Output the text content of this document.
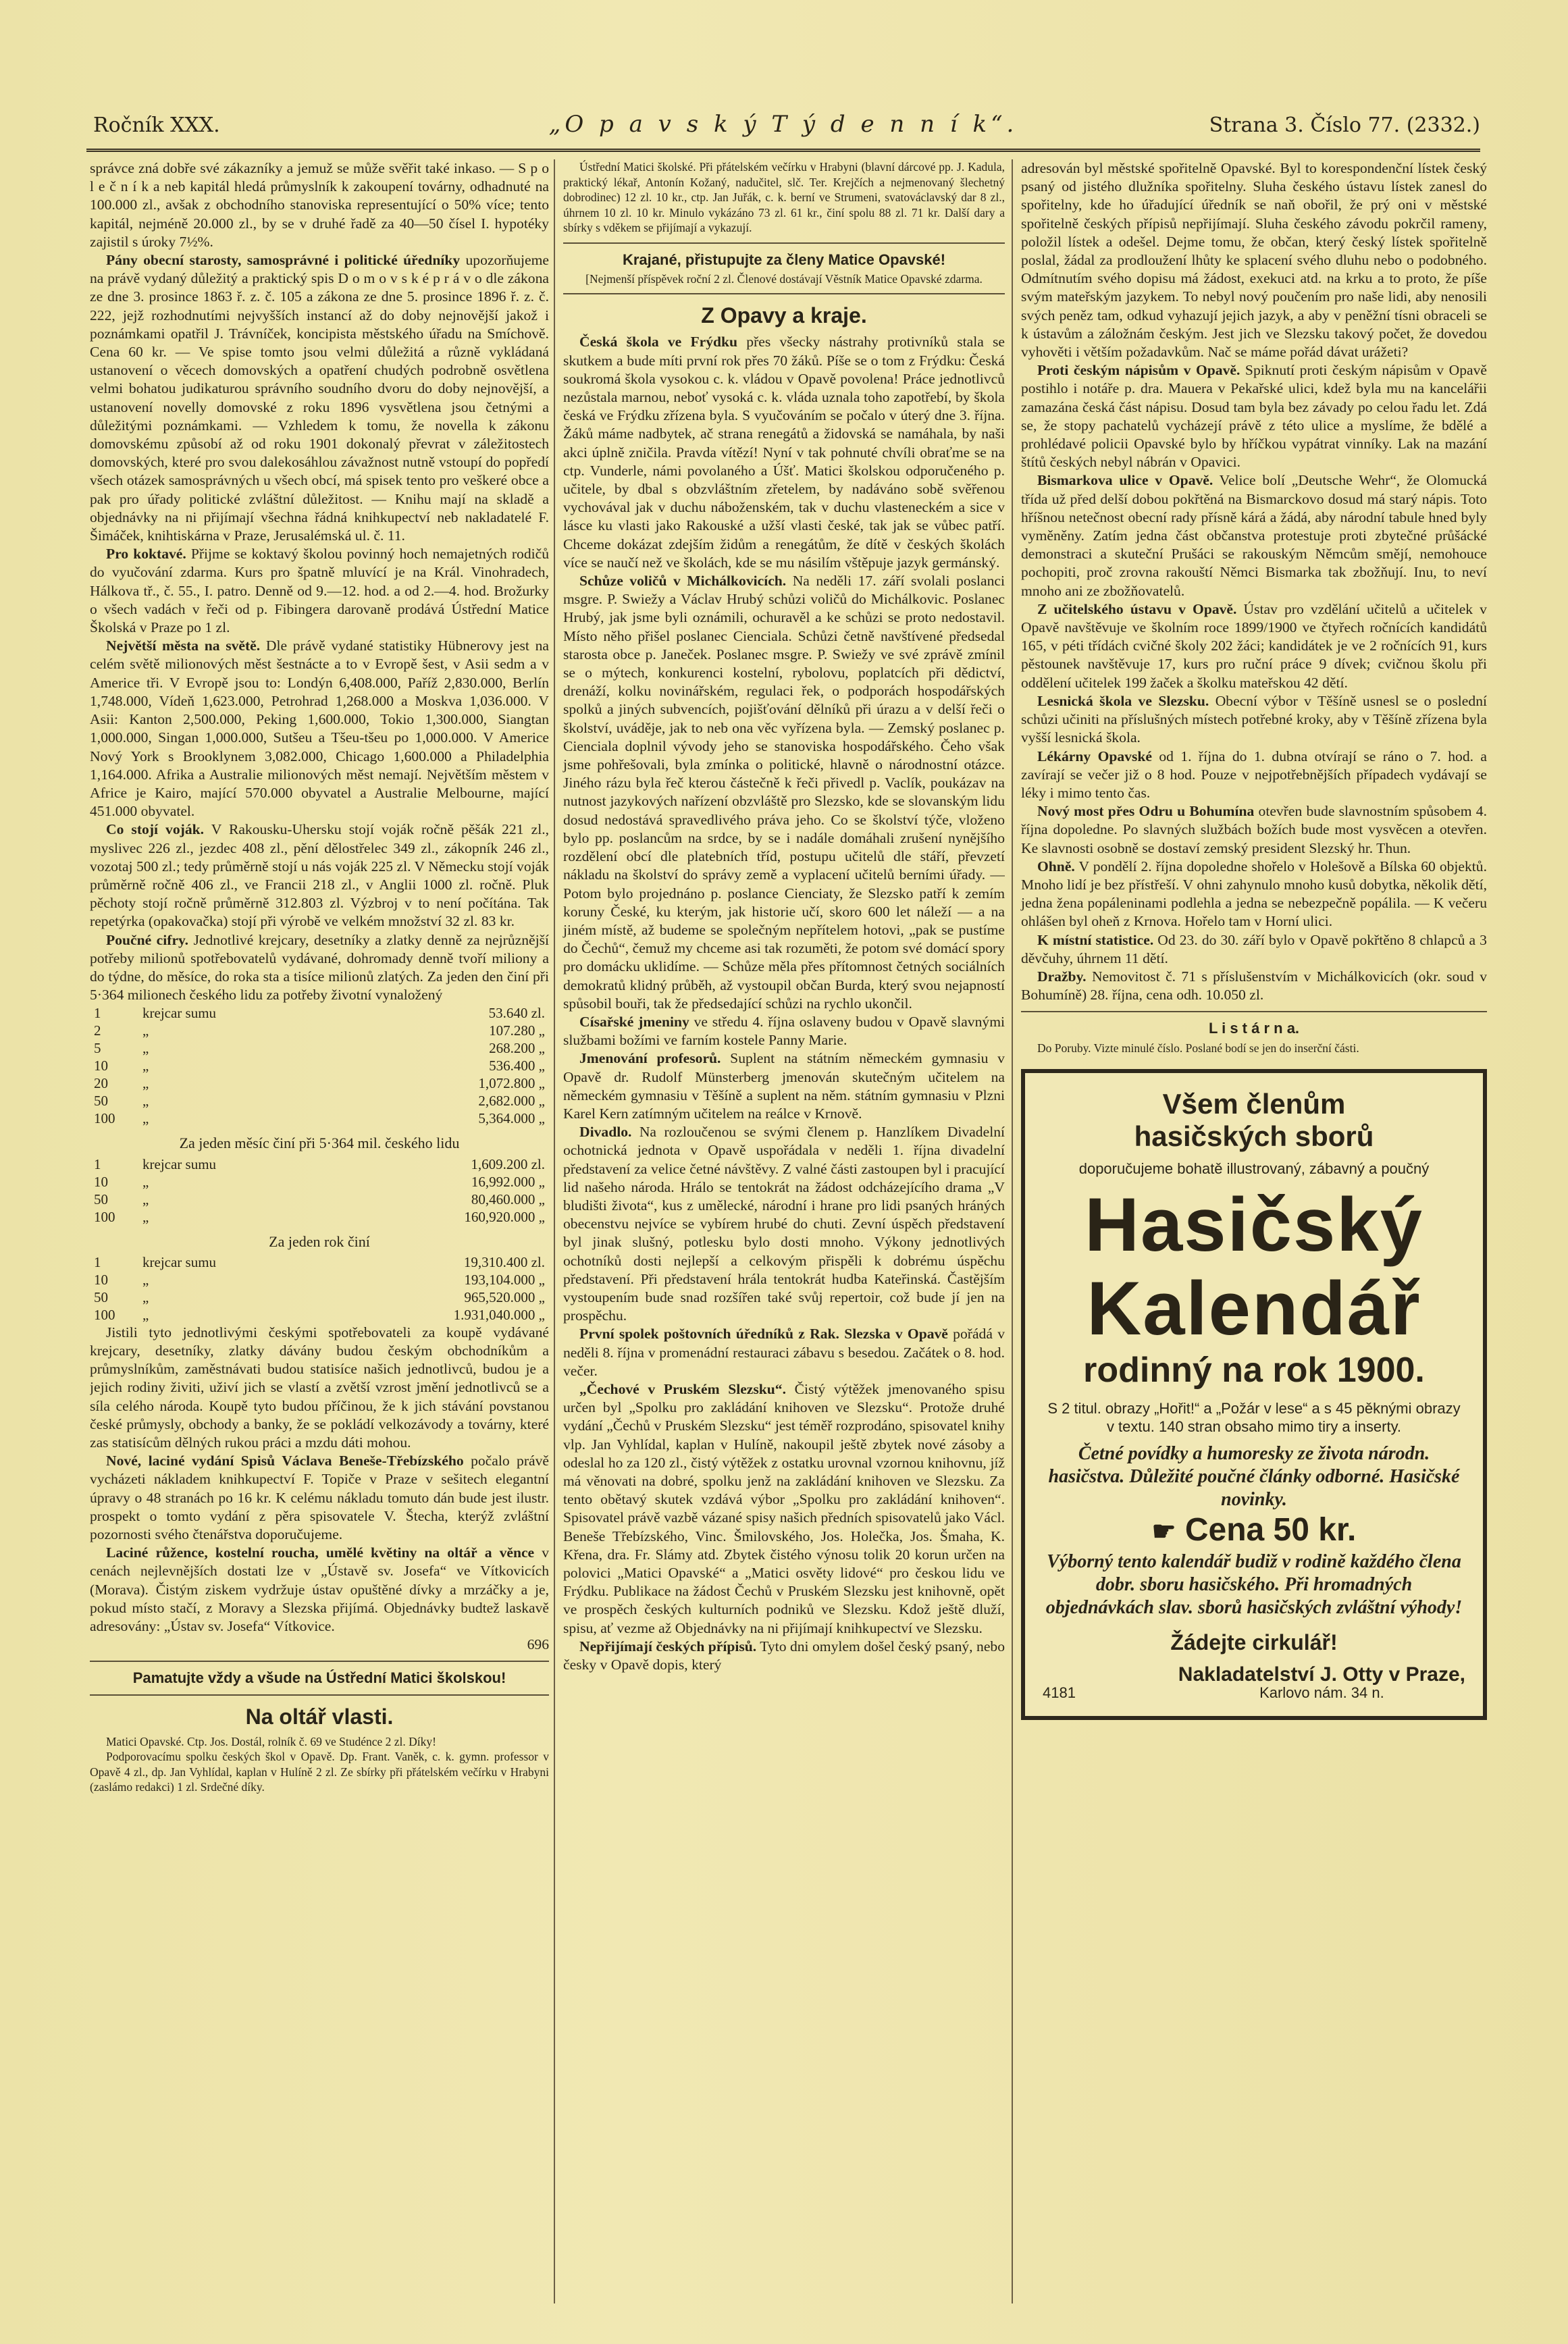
Ročník XXX.	„O p a v s k ý T ý d e n n í k“.	Strana 3. Číslo 77. (2332.)

správce zná dobře své zákazníky a jemuž se může svěřit také inkaso. — S p o l e č n í k a neb kapitál hledá průmyslník k zakoupení továrny, odhadnuté na 100.000 zl., avšak z obchodního stanoviska representující o 50% více; tento kapitál, nejméně 20.000 zl., by se v druhé řadě za 40—50 čísel I. hypotéky zajistil s úroky 7½%.

Pány obecní starosty, samosprávné i politické úředníky upozorňujeme na právě vydaný důležitý a praktický spis D o m o v s k é p r á v o dle zákona ze dne 3. prosince 1863 ř. z. č. 105 a zákona ze dne 5. prosince 1896 ř. z. č. 222, jejž rozhodnutími nejvyšších instancí až do doby nejnovější jakož i poznámkami opatřil J. Trávníček, koncipista městského úřadu na Smíchově. Cena 60 kr. — Ve spise tomto jsou velmi důležitá a různě vykládaná ustanovení o věcech domovských a opatření chudých podrobně osvětlena velmi bohatou judikaturou správního soudního dvoru do doby nejnovější, a ustanovení novelly domovské z roku 1896 vysvětlena jsou četnými a důležitými poznámkami. — Vzhledem k tomu, že novella k zákonu domovskému způsobí až od roku 1901 dokonalý převrat v záležitostech domovských, které pro svou dalekosáhlou závažnost nutně vstoupí do popředí všech otázek samosprávných u všech obcí, má spisek tento pro veškeré obce a pak pro úřady politické zvláštní důležitost. — Knihu mají na skladě a objednávky na ni přijímají všechna řádná knihkupectví neb nakladatelé F. Šimáček, knihtiskárna v Praze, Jerusalémská ul. č. 11.

Pro koktavé. Přijme se koktavý školou povinný hoch nemajetných rodičů do vyučování zdarma. Kurs pro špatně mluvící je na Král. Vinohradech, Hálkova tř., č. 55., I. patro. Denně od 9.—12. hod. a od 2.—4. hod. Brožurky o všech vadách v řeči od p. Fibingera darovaně prodává Ústřední Matice Školská v Praze po 1 zl.

Největší města na světě. Dle právě vydané statistiky Hübnerovy jest na celém světě milionových měst šestnácte a to v Evropě šest, v Asii sedm a v Americe tři. V Evropě jsou to: Londýn 6,408.000, Paříž 2,830.000, Berlín 1,748.000, Vídeň 1,623.000, Petrohrad 1,268.000 a Moskva 1,036.000. V Asii: Kanton 2,500.000, Peking 1,600.000, Tokio 1,300.000, Siangtan 1,000.000, Singan 1,000.000, Sutšeu a Tšeu-tšeu po 1,000.000. V Americe Nový York s Brooklynem 3,082.000, Chicago 1,600.000 a Philadelphia 1,164.000. Afrika a Australie milionových měst nemají. Největším městem v Africe je Kairo, mající 570.000 obyvatel a Australie Melbourne, mající 451.000 obyvatel.

Co stojí voják. V Rakousku-Uhersku stojí voják ročně pěšák 221 zl., myslivec 226 zl., jezdec 408 zl., pění dělostřelec 349 zl., zákopník 246 zl., vozotaj 500 zl.; tedy průměrně stojí u nás voják 225 zl. V Německu stojí voják průměrně ročně 406 zl., ve Francii 218 zl., v Anglii 1000 zl. ročně. Pluk pěchoty stojí ročně průměrně 312.803 zl. Výzbroj v to není počítána. Tak repetýrka (opakovačka) stojí při výrobě ve velkém množství 32 zl. 83 kr.

Poučné cifry. Jednotlivé krejcary, desetníky a zlatky denně za nejrůznější potřeby milionů spotřebovatelů vydávané, dohromady denně tvoří miliony a do týdne, do měsíce, do roka sta a tisíce milionů zlatých. Za jeden den činí při 5·364 milionech českého lidu za potřeby životní vynaložený

1	krejcar sumu	53.640 zl.
2	„	107.280 „
5	„	268.200 „
10	„	536.400 „
20	„	1,072.800 „
50	„	2,682.000 „
100	„	5,364.000 „
Za jeden měsíc činí při 5·364 mil. českého lidu
1	krejcar sumu	1,609.200 zl.
10	„	16,992.000 „
50	„	80,460.000 „
100	„	160,920.000 „
Za jeden rok činí
1	krejcar sumu	19,310.400 zl.
10	„	193,104.000 „
50	„	965,520.000 „
100	„	1.931,040.000 „

Jistili tyto jednotlivými českými spotřebovateli za koupě vydávané krejcary, desetníky, zlatky dávány budou českým obchodníkům a průmyslníkům, zaměstnávati budou statisíce našich jednotlivců, budou je a jejich rodiny živiti, uživí jich se vlastí a zvětší vzrost jmění jednotlivců se a síla celého národa. Koupě tyto budou příčinou, že k jich stávání povstanou české průmysly, obchody a banky, že se pokládí velkozávody a továrny, které zas statisícům dělných rukou práci a mzdu dáti mohou.

Nové, laciné vydání Spisů Václava Beneše-Třebízského počalo právě vycházeti nákladem knihkupectví F. Topiče v Praze v sešitech elegantní úpravy o 48 stranách po 16 kr. K celému nákladu tomuto dán bude jest ilustr. prospekt o tomto vydání z pěra spisovatele V. Štecha, kterýž zvláštní pozornosti svého čtenářstva doporučujeme.

Laciné růžence, kostelní roucha, umělé květiny na oltář a věnce v cenách nejlevnějších dostati lze v „Ústavě sv. Josefa“ ve Vítkovicích (Morava). Čistým ziskem vydržuje ústav opuštěné dívky a mrzáčky a je, pokud místo stačí, z Moravy a Slezska přijímá. Objednávky budtež laskavě adresovány: „Ústav sv. Josefa“ Vítkovice.

696
Pamatujte vždy a všude na Ústřední Matici školskou!
Na oltář vlasti.

Matici Opavské. Ctp. Jos. Dostál, rolník č. 69 ve Studénce 2 zl. Díky!

Podporovacímu spolku českých škol v Opavě. Dp. Frant. Vaněk, c. k. gymn. professor v Opavě 4 zl., dp. Jan Vyhlídal, kaplan v Hulíně 2 zl. Ze sbírky při přátelském večírku v Hrabyni (zaslámo redakci) 1 zl. Srdečné díky.

Ústřední Matici školské. Při přátelském večírku v Hrabyni (blavní dárcové pp. J. Kadula, praktický lékař, Antonín Kožaný, nadučitel, slč. Ter. Krejčích a nejmenovaný šlechetný dobrodinec) 12 zl. 10 kr., ctp. Jan Juřák, c. k. berní ve Strumeni, svatováclavský dar 8 zl., úhrnem 10 zl. 10 kr. Minulo vykázáno 73 zl. 61 kr., činí spolu 88 zl. 71 kr. Další dary a sbírky s vděkem se přijímají a vykazují.

Krajané, přistupujte za členy Matice Opavské!

[Nejmenší příspěvek roční 2 zl. Členové dostávají Věstník Matice Opavské zdarma.

Z Opavy a kraje.

Česká škola ve Frýdku přes všecky nástrahy protivníků stala se skutkem a bude míti první rok přes 70 žáků. Píše se o tom z Frýdku: Česká soukromá škola vysokou c. k. vládou v Opavě povolena! Práce jednotlivců nezůstala marnou, neboť vysoká c. k. vláda uznala toho zapotřebí, by škola česká ve Frýdku zřízena byla. S vyučováním se počalo v úterý dne 3. října. Žáků máme nadbytek, ač strana renegátů a židovská se namáhala, by naši akci úplně zničila. Pravda vítězí! Nyní v tak pohnuté chvíli obraťme se na ctp. Vunderle, námi povolaného a Úšť. Matici školskou odporučeného p. učitele, by dbal s obzvláštním zřetelem, by nadáváno sobě svěřenou vychovával jak v duchu náboženském, tak v duchu vlasteneckém a sice v lásce ku vlasti jako Rakouské a užší vlasti české, tak jak se vůbec patří. Chceme dokázat zdejším židům a renegátům, že dítě v českých školách více se naučí než ve školách, kde se mu násilím vštěpuje jazyk germánský.

Schůze voličů v Michálkovicích. Na neděli 17. září svolali poslanci msgre. P. Swiežy a Václav Hrubý schůzi voličů do Michálkovic. Poslanec Hrubý, jak jsme byli oznámili, ochuravěl a ke schůzi se proto nedostavil. Místo něho přišel poslanec Cienciala. Schůzi četně navštívené předsedal starosta obce p. Janeček. Poslanec msgre. P. Swiežy ve své zprávě zmínil se o mýtech, konkurenci kostelní, rybolovu, poplatcích při dědictví, drenáží, kolku novinářském, regulaci řek, o podporách hospodářských spolků a jiných subvencích, pojišťování dělníků při úrazu a v delší řeči o školství, uváděje, jak to neb ona věc vyřízena byla. — Zemský poslanec p. Cienciala doplnil vývody jeho se stanoviska hospodářského. Čeho však jsme pohřešovali, byla zmínka o politické, hlavně o národnostní otázce. Jiného rázu byla řeč kterou částečně k řeči přivedl p. Vaclík, poukázav na nutnost jazykových nařízení obzvláště pro Slezsko, kde se slovanským lidu dosud nedostává spravedlivého práva jeho. Co se školství týče, vloženo bylo pp. poslancům na srdce, by se i nadále domáhali zrušení nynějšího rozdělení obcí dle platebních tříd, postupu učitelů dle stáří, převzetí nákladu na školství do správy země a vyplacení učitelů berními úřady. — Potom bylo projednáno p. poslance Cienciaty, že Slezsko patří k zemím koruny České, ku kterým, jak historie učí, skoro 600 let náleží — a na jiném místě, až budeme se společným nepřítelem hotovi, „pak se pustíme do Čechů“, čemuž my chceme asi tak rozuměti, že potom své domácí spory pro domácku uklidíme. — Schůze měla přes přítomnost četných sociálních demokratů klidný průběh, až vystoupil občan Burda, který svou nejapností spůsobil bouři, tak že předsedající schůzi na rychlo ukončil.

Císařské jmeniny ve středu 4. října oslaveny budou v Opavě slavnými službami božími ve farním kostele Panny Marie.

Jmenování profesorů. Suplent na státním německém gymnasiu v Opavě dr. Rudolf Münsterberg jmenován skutečným učitelem na německém gymnasiu v Těšíně a suplent na něm. státním gymnasiu v Plzni Karel Kern zatímným učitelem na reálce v Krnově.

Divadlo. Na rozloučenou se svými členem p. Hanzlíkem Divadelní ochotnická jednota v Opavě uspořádala v neděli 1. října divadelní představení za velice četné návštěvy. Z valné části zastoupen byl i pracující lid našeho národa. Hrálo se tentokrát na žádost odcházejícího drama „V bludišti života“, kus z umělecké, národní i hrane pro lidi psaných hráných obecenstvu nejvíce se vybírem hrubé do chuti. Zevní úspěch představení byl jinak slušný, potlesku bylo dosti mnoho. Výkony jednotlivých ochotníků dosti nejlepší a celkovým přispěli k dobrému úspěchu představení. Při představení hrála tentokrát hudba Kateřinská. Častějším vystoupením bude snad rozšířen také svůj repertoir, což bude jí jen na prospěchu.

První spolek poštovních úředníků z Rak. Slezska v Opavě pořádá v neděli 8. října v promenádní restauraci zábavu s besedou. Začátek o 8. hod. večer.

„Čechové v Pruském Slezsku“. Čistý výtěžek jmenovaného spisu určen byl „Spolku pro zakládání knihoven ve Slezsku“. Protože druhé vydání „Čechů v Pruském Slezsku“ jest téměř rozprodáno, spisovatel knihy vlp. Jan Vyhlídal, kaplan v Hulíně, nakoupil ještě zbytek nové zásoby a odeslal ho za 120 zl., čistý výtěžek z ostatku urovnal vzornou knihovnu, jíž má věnovati na dobré, spolku jenž na zakládání knihoven ve Slezsku. Za tento obětavý skutek vzdává výbor „Spolku pro zakládání knihoven“. Spisovatel právě vazbě vázané spisy našich předních spisovatelů jako Václ. Beneše Třebízského, Vinc. Šmilovského, Jos. Holečka, Jos. Šmaha, K. Křena, dra. Fr. Slámy atd. Zbytek čistého výnosu tolik 20 korun určen na polovici „Matici Opavské“ a „Matici osvěty lidové“ pro českou lidu ve Frýdku. Publikace na žádost Čechů v Pruském Slezsku jest knihovně, opět ve prospěch českých kulturních podniků ve Slezsku. Kdož ještě dluží, spisu, ať vezme až Objednávky na ni přijímají knihkupectví ve Slezsku.

Nepřijímají českých přípisů. Tyto dni omylem došel český psaný, nebo česky v Opavě dopis, který

adresován byl městské spořitelně Opavské. Byl to korespondenční lístek český psaný od jistého dlužníka spořitelny. Sluha českého ústavu lístek zanesl do spořitelny, kde ho úřadující úředník se naň obořil, že prý oni v městské spořitelně českých přípisů nepřijímají. Sluha českého závodu pokrčil rameny, položil lístek a odešel. Dejme tomu, že občan, který český lístek spořitelně poslal, žádal za prodloužení lhůty ke splacení svého dluhu nebo o podobného. Odmítnutím svého dopisu má žádost, exekuci atd. na krku a to proto, že píše svým mateřským jazykem. To nebyl nový poučením pro naše lidi, aby nenosili svých peněz tam, odkud vyhazují jejich jazyk, a aby v peněžní tísni obraceli se k ústavům a záložnám českým. Jest jich ve Slezsku takový počet, že dovedou vyhověti i větším požadavkům. Nač se máme pořád dávat urážeti?

Proti českým nápisům v Opavě. Spiknutí proti českým nápisům v Opavě postihlo i notáře p. dra. Mauera v Pekařské ulici, kdež byla mu na kancelářii zamazána česká část nápisu. Dosud tam byla bez závady po celou řadu let. Zdá se, že stopy pachatelů vycházejí právě z této ulice a myslíme, že bdělé a prohlédavé policii Opavské bylo by hříčkou vypátrat vinníky. Lak na mazání štítů českých nebyl nábrán v Opavici.

Bismarkova ulice v Opavě. Velice bolí „Deutsche Wehr“, že Olomucká třída už před delší dobou pokřtěná na Bismarckovo dosud má starý nápis. Toto hříšnou netečnost obecní rady přísně kárá a žádá, aby národní tabule hned byly vyměněny. Zatím jedna část občanstva protestuje proti zbytečné průšácké demonstraci a skuteční Prušáci se rakouským Němcům smějí, nemohouce pochopiti, proč zrovna rakouští Němci Bismarka tak zbožňují. Inu, to neví mnoho ani ze zbožňovatelů.

Z učitelského ústavu v Opavě. Ústav pro vzdělání učitelů a učitelek v Opavě navštěvuje ve školním roce 1899/1900 ve čtyřech ročnících kandidátů 165, v péti třídách cvičné školy 202 žáci; kandidátek je ve 2 ročnících 91, kurs pěstounek navštěvuje 17, kurs pro ruční práce 9 dívek; cvičnou školu při oddělení učitelek 199 žaček a školku mateřskou 42 dětí.

Lesnická škola ve Slezsku. Obecní výbor v Těšíně usnesl se o poslední schůzi učiniti na příslušných místech potřebné kroky, aby v Těšíně zřízena byla vyšší lesnická škola.

Lékárny Opavské od 1. října do 1. dubna otvírají se ráno o 7. hod. a zavírají se večer již o 8 hod. Pouze v nejpotřebnějších případech vydávají se léky i mimo tento čas.

Nový most přes Odru u Bohumína otevřen bude slavnostním spůsobem 4. října dopoledne. Po slavných službách božích bude most vysvěcen a otevřen. Ke slavnosti osobně se dostaví zemský president Slezský hr. Thun.

Ohně. V pondělí 2. října dopoledne shořelo v Holešově a Bílska 60 objektů. Mnoho lidí je bez přístřeší. V ohni zahynulo mnoho kusů dobytka, několik dětí, jedna žena popáleninami podlehla a jedna se nebezpečně popálila. — K večeru ohlášen byl oheň z Krnova. Hořelo tam v Horní ulici.

K místní statistice. Od 23. do 30. září bylo v Opavě pokřtěno 8 chlapců a 3 děvčuhy, úhrnem 11 dětí.

Dražby. Nemovitost č. 71 s příslušenstvím v Michálkovicích (okr. soud v Bohumíně) 28. října, cena odh. 10.050 zl.

L i s t á r n a.

Do Poruby. Vizte minulé číslo. Poslané bodí se jen do inserční části.

Všem členům
hasičských sborů
doporučujeme bohatě illustrovaný, zábavný a poučný
Hasičský
Kalendář
rodinný na rok 1900.
S 2 titul. obrazy „Hořit!“ a „Požár v lese“ a s 45 pěknými obrazy v textu. 140 stran obsaho mimo tiry a inserty.
Četné povídky a humoresky ze života národn. hasičstva. Důležité poučné články odborné. Hasičské novinky.
☛ Cena 50 kr.
Výborný tento kalendář budiž v rodině každého člena dobr. sboru hasičského. Při hromadných objednávkách slav. sborů hasičských zvláštní výhody!
Žádejte cirkulář!
4181
Nakladatelství J. Otty v Praze,
Karlovo nám. 34 n.
